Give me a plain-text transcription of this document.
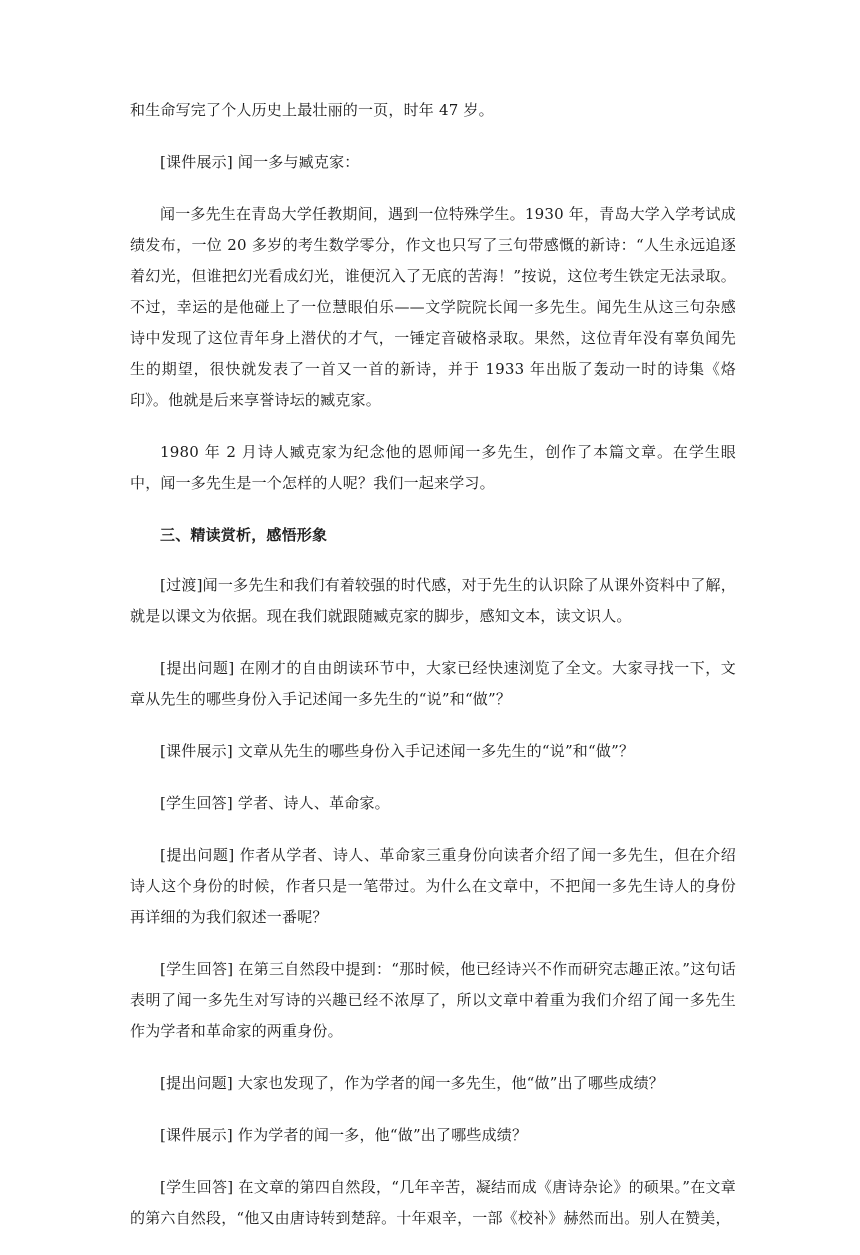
和生命写完了个人历史上最壮丽的一页，时年 47 岁。

[课件展示] 闻一多与臧克家：

闻一多先生在青岛大学任教期间，遇到一位特殊学生。1930 年，青岛大学入学考试成绩发布，一位 20 多岁的考生数学零分，作文也只写了三句带感慨的新诗：“人生永远追逐着幻光，但谁把幻光看成幻光，谁便沉入了无底的苦海！”按说，这位考生铁定无法录取。不过，幸运的是他碰上了一位慧眼伯乐——文学院院长闻一多先生。闻先生从这三句杂感诗中发现了这位青年身上潜伏的才气，一锤定音破格录取。果然，这位青年没有辜负闻先生的期望，很快就发表了一首又一首的新诗，并于 1933 年出版了轰动一时的诗集《烙印》。他就是后来享誉诗坛的臧克家。

1980 年 2 月诗人臧克家为纪念他的恩师闻一多先生，创作了本篇文章。在学生眼中，闻一多先生是一个怎样的人呢？我们一起来学习。

三、精读赏析，感悟形象

[过渡]闻一多先生和我们有着较强的时代感，对于先生的认识除了从课外资料中了解，就是以课文为依据。现在我们就跟随臧克家的脚步，感知文本，读文识人。

[提出问题] 在刚才的自由朗读环节中，大家已经快速浏览了全文。大家寻找一下，文章从先生的哪些身份入手记述闻一多先生的“说”和“做”？

[课件展示] 文章从先生的哪些身份入手记述闻一多先生的“说”和“做”？

[学生回答] 学者、诗人、革命家。

[提出问题] 作者从学者、诗人、革命家三重身份向读者介绍了闻一多先生，但在介绍诗人这个身份的时候，作者只是一笔带过。为什么在文章中，不把闻一多先生诗人的身份再详细的为我们叙述一番呢？

[学生回答] 在第三自然段中提到：“那时候，他已经诗兴不作而研究志趣正浓。”这句话表明了闻一多先生对写诗的兴趣已经不浓厚了，所以文章中着重为我们介绍了闻一多先生作为学者和革命家的两重身份。

[提出问题] 大家也发现了，作为学者的闻一多先生，他“做”出了哪些成绩？

[课件展示] 作为学者的闻一多，他“做”出了哪些成绩？

[学生回答] 在文章的第四自然段，“几年辛苦，凝结而成《唐诗杂论》的硕果。”在文章的第六自然段，“他又由唐诗转到楚辞。十年艰辛，一部《校补》赫然而出。别人在赞美，
